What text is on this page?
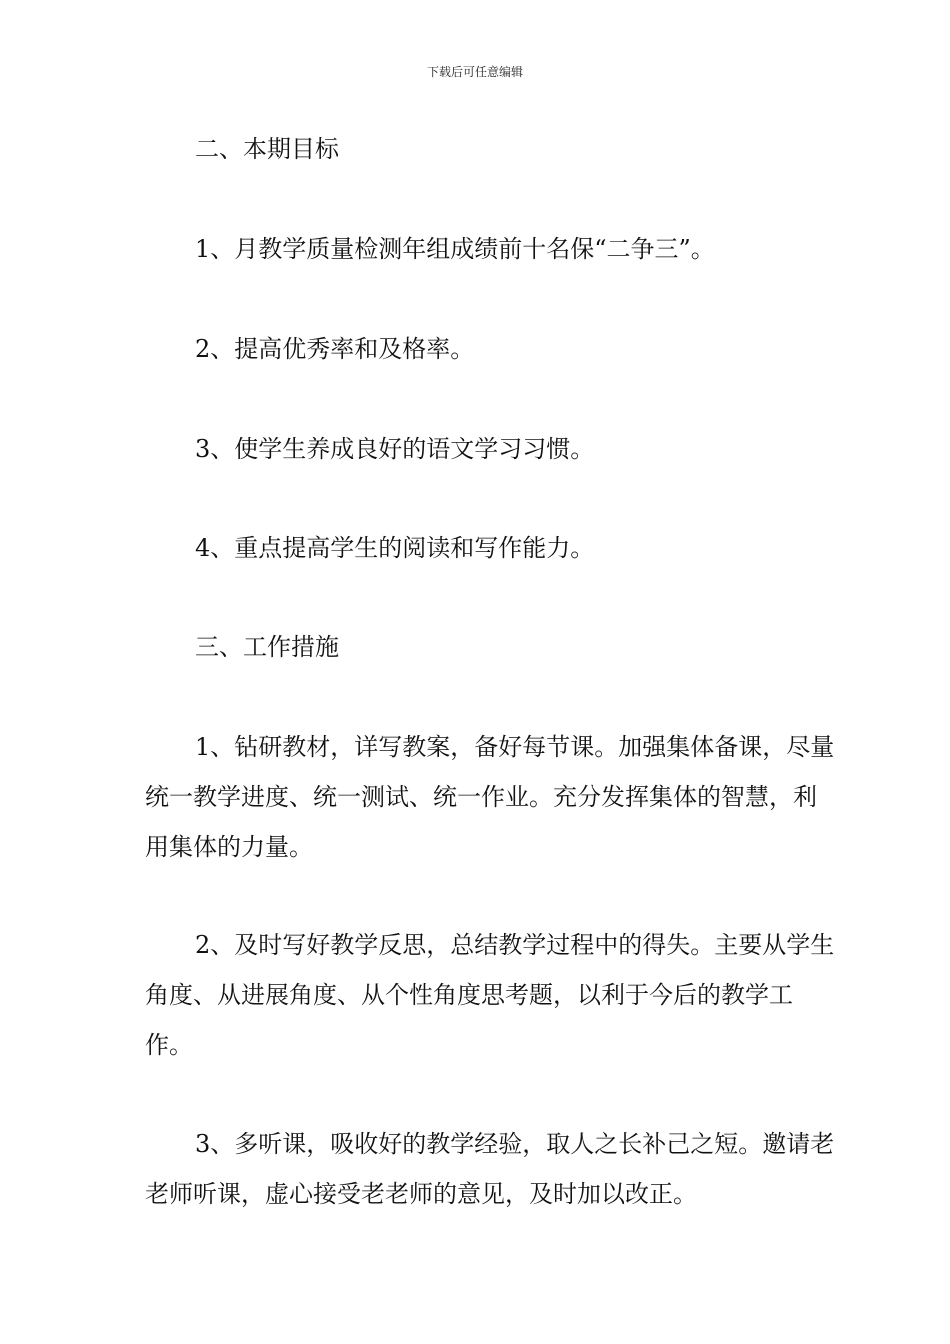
下载后可任意编辑
二、本期目标
1、月教学质量检测年组成绩前十名保“二争三”。
2、提高优秀率和及格率。
3、使学生养成良好的语文学习习惯。
4、重点提高学生的阅读和写作能力。
三、工作措施
1、钻研教材，详写教案，备好每节课。加强集体备课，尽量统一教学进度、统一测试、统一作业。充分发挥集体的智慧，利用集体的力量。
2、及时写好教学反思，总结教学过程中的得失。主要从学生角度、从进展角度、从个性角度思考题，以利于今后的教学工作。
3、多听课，吸收好的教学经验，取人之长补己之短。邀请老老师听课，虚心接受老老师的意见，及时加以改正。
